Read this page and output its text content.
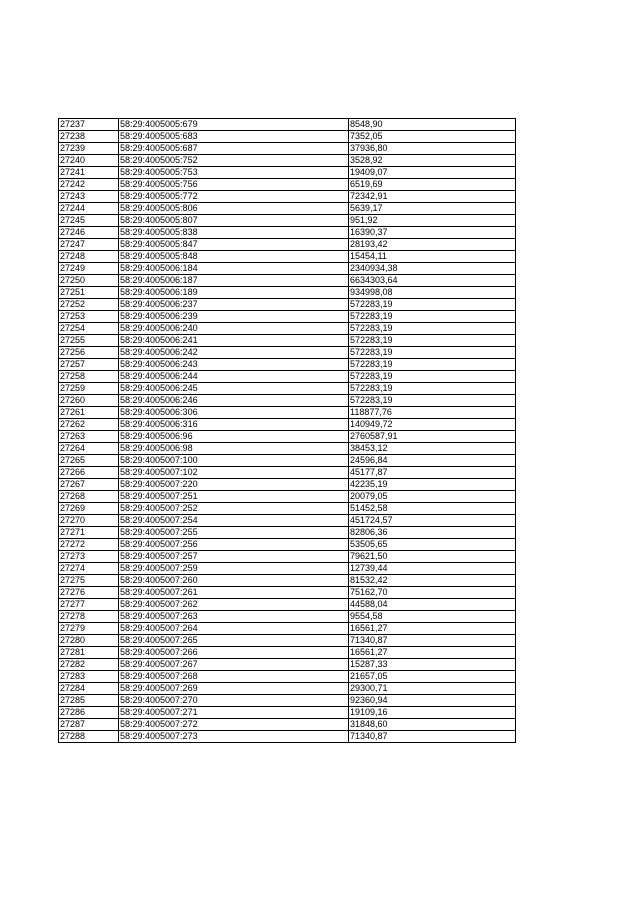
27237	58:29:4005005:679	8548,90
27238	58:29:4005005:683	7352,05
27239	58:29:4005005:687	37936,80
27240	58:29:4005005:752	3528,92
27241	58:29:4005005:753	19409,07
27242	58:29:4005005:756	6519,69
27243	58:29:4005005:772	72342,91
27244	58:29:4005005:806	5639,17
27245	58:29:4005005:807	951,92
27246	58:29:4005005:838	16390,37
27247	58:29:4005005:847	28193,42
27248	58:29:4005005:848	15454,11
27249	58:29:4005006:184	2340934,38
27250	58:29:4005006:187	6634303,64
27251	58:29:4005006:189	934998,08
27252	58:29:4005006:237	572283,19
27253	58:29:4005006:239	572283,19
27254	58:29:4005006:240	572283,19
27255	58:29:4005006:241	572283,19
27256	58:29:4005006:242	572283,19
27257	58:29:4005006:243	572283,19
27258	58:29:4005006:244	572283,19
27259	58:29:4005006:245	572283,19
27260	58:29:4005006:246	572283,19
27261	58:29:4005006:306	118877,76
27262	58:29:4005006:316	140949,72
27263	58:29:4005006:96	2760587,91
27264	58:29:4005006:98	38453,12
27265	58:29:4005007:100	24596,84
27266	58:29:4005007:102	45177,87
27267	58:29:4005007:220	42235,19
27268	58:29:4005007:251	20079,05
27269	58:29:4005007:252	51452,58
27270	58:29:4005007:254	451724,57
27271	58:29:4005007:255	82806,36
27272	58:29:4005007:256	53505,65
27273	58:29:4005007:257	79621,50
27274	58:29:4005007:259	12739,44
27275	58:29:4005007:260	81532,42
27276	58:29:4005007:261	75162,70
27277	58:29:4005007:262	44588,04
27278	58:29:4005007:263	9554,58
27279	58:29:4005007:264	16561,27
27280	58:29:4005007:265	71340,87
27281	58:29:4005007:266	16561,27
27282	58:29:4005007:267	15287,33
27283	58:29:4005007:268	21657,05
27284	58:29:4005007:269	29300,71
27285	58:29:4005007:270	92360,94
27286	58:29:4005007:271	19109,16
27287	58:29:4005007:272	31848,60
27288	58:29:4005007:273	71340,87
